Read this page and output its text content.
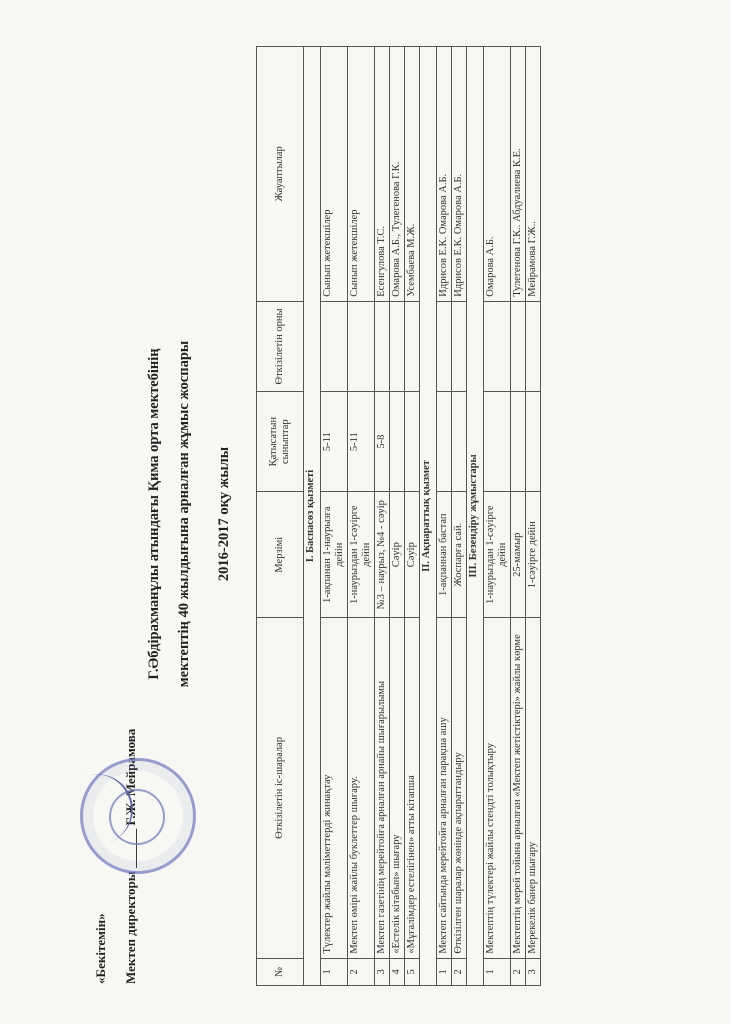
«Бекітемін»	Мектеп директоры ______ Г.Ж. Мейрамова
Г.Әбдірахманұлы атындағы Қима орта мектебінің мектептің 40 жылдығына арналған жұмыс жоспары 2016-2017 оқу жылы
№	Өткізілетін іс-шаралар	Мерзімі	Қатысатын сыныптар	Өткізілетін орны	Жауаптылар
I. Баспасөз қызметі					
1	Түлектер жайлы мәліметтерді жинақтау	1-ақпанан 1-наурызға дейін	5-11		Сынып жетекшілер
2	Мектеп өмірі жайлы буклеттер шығару.	1-наурыздан 1-сәуірге дейін	5-11		Сынып жетекшілер
3	Мектеп газетінің мерейтойға арналған арнайы шығарылымы	№3 – наурыз, №4 - сәуір	5-8		Есенгулова Т.С.
4	«Естелік кітабын» шығару	Сәуір			Омарова А.Б., Тулегенова Г.К.
5	«Мұғалімдер естелігінен» атты кітапша	Сәуір			Усембаева М.Ж.
II. Ақпараттық қызмет					
1	Мектеп сайтында мерейтойға арналған парақша ашу	1-ақпаннан бастап			Идрисов Е.К. Омарова А.Б.
2	Өткізілген шаралар жөнінде ақпараттандыру	Жоспарға сай.			Идрисов Е.К. Омарова А.Б.
III. Безендіру жұмыстары					
1	Мектептің түлектері жайлы стендті толықтыру	1-наурыздан 1-сәуірге дейін			Омарова А.Б.
2	Мектептің мерей тойына арналған «Мектеп жетістіктері» жайлы көрме	25-мамыр			Тулегенова Г.К.. Абдуалиева К.Е.
3	Мерекелік банер шығару	1-сәуірге дейін			Мейрамова Г.Ж..
